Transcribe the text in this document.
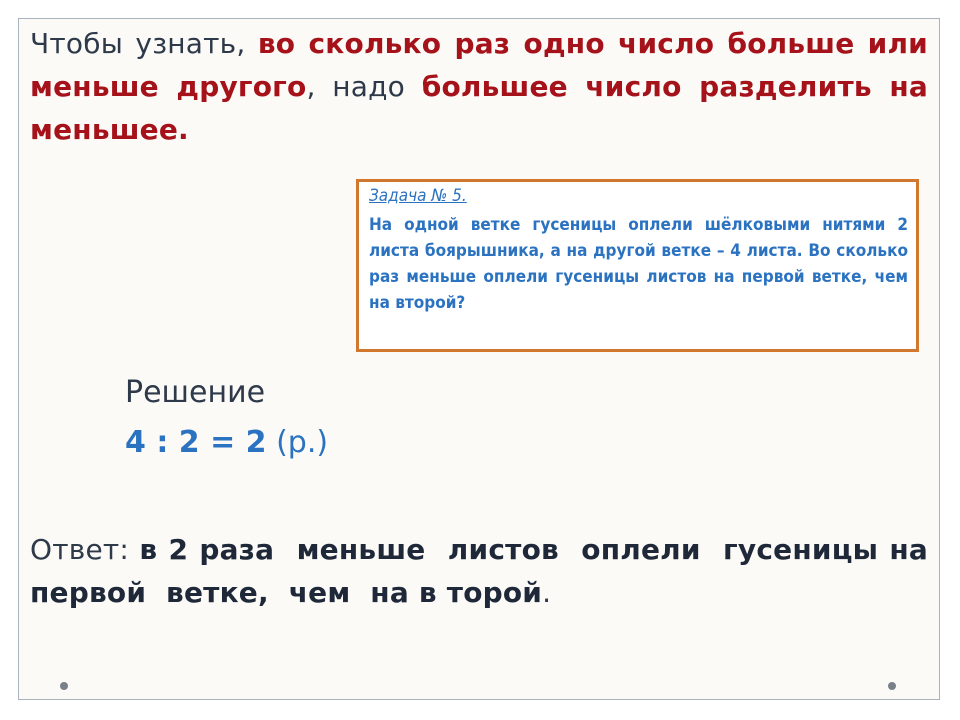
Чтобы узнать, во сколько раз одно число больше или меньше другого, надо большее число разделить на меньшее.

Задача № 5.

На одной ветке гусеницы оплели шёлковыми нитями 2 листа боярышника, а на другой ветке – 4 листа. Во сколько раз меньше оплели гусеницы листов на первой ветке, чем на второй?

Решение
4 : 2 = 2 (р.)

Ответ: в 2 раза  меньше  листов  оплели  гусеницы на  первой  ветке,  чем  на в торой.
